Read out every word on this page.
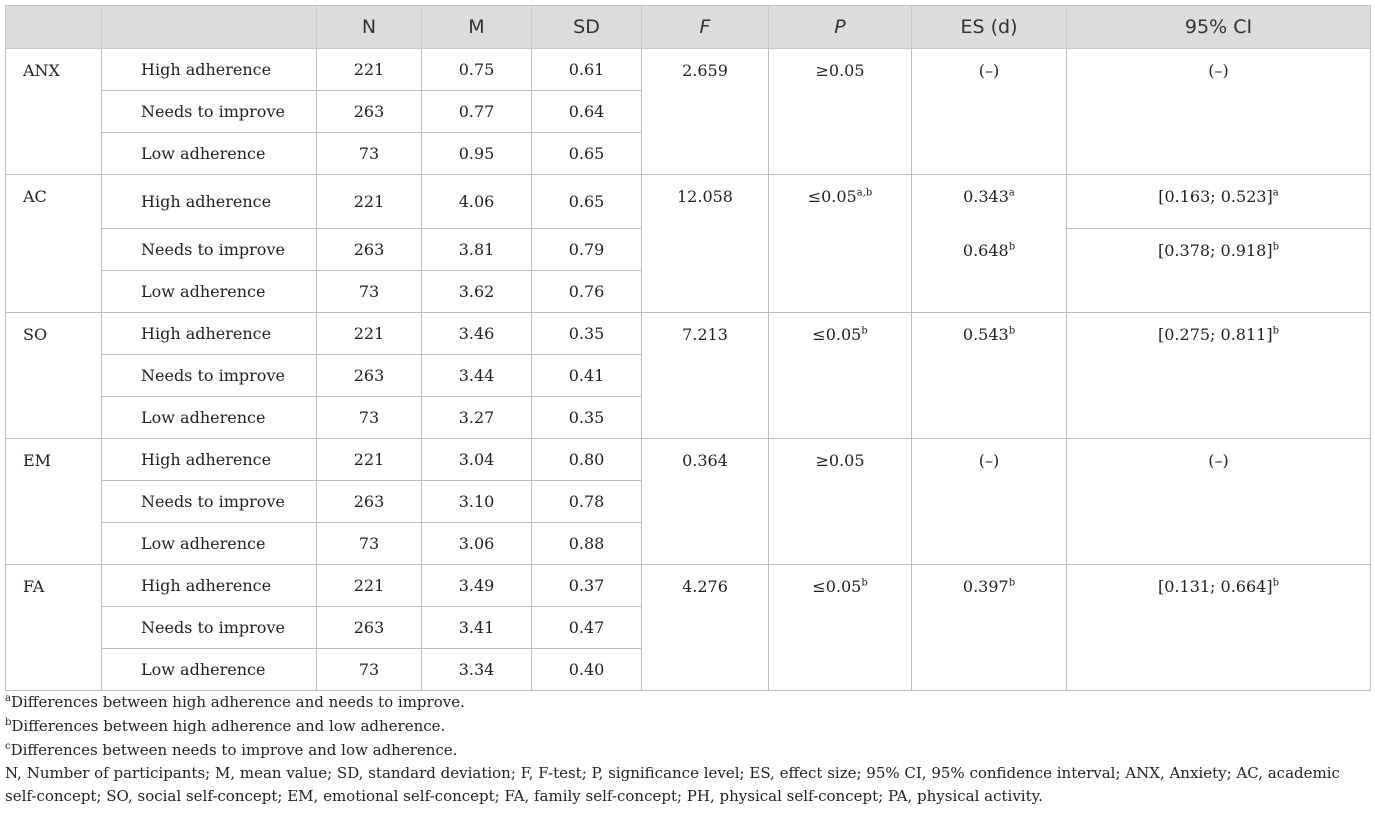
		N	M	SD	F	P	ES (d)	95% CI
ANX	High adherence	221	0.75	0.61	2.659	≥0.05	(–)	(–)
	Needs to improve	263	0.77	0.64				
	Low adherence	73	0.95	0.65				
AC	High adherence	221	4.06	0.65	12.058	$\le 0.05^{a,b}$	0.343$^a$	[0.163; 0.523]$^a$
	Needs to improve	263	3.81	0.79			0.648$^b$	[0.378; 0.918]$^b$
	Low adherence	73	3.62	0.76				
SO	High adherence	221	3.46	0.35	7.213	≤0.05$^b$	0.543$^b$	[0.275; 0.811]$^b$
	Needs to improve	263	3.44	0.41				
	Low adherence	73	3.27	0.35				
EM	High adherence	221	3.04	0.80	0.364	≥0.05	(–)	(–)
	Needs to improve	263	3.10	0.78				
	Low adherence	73	3.06	0.88				
FA	High adherence	221	3.49	0.37	4.276	≤0.05$^b$	0.397$^b$	[0.131; 0.664]$^b$
	Needs to improve	263	3.41	0.47				
	Low adherence	73	3.34	0.40				

$^a$Differences between high adherence and needs to improve.

$^b$Differences between high adherence and low adherence.

$^c$Differences between needs to improve and low adherence.

N, Number of participants; M, mean value; SD, standard deviation; F, F-test; P, significance level; ES, effect size; 95% CI, 95% confidence interval; ANX, Anxiety; AC, academic self-concept; SO, social self-concept; EM, emotional self-concept; FA, family self-concept; PH, physical self-concept; PA, physical activity.
